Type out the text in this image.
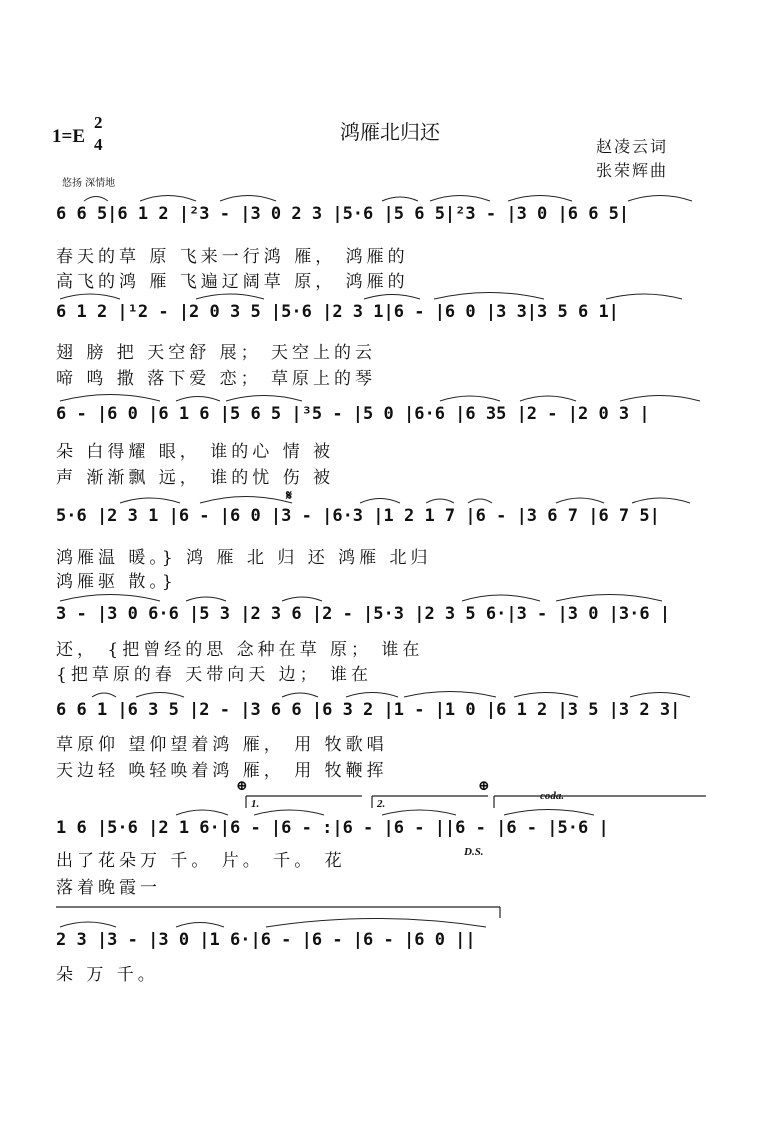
1=E
2
4
鸿雁北归还
赵凌云词
张荣辉曲
悠扬 深情地
6 6 5|6 1 2 |²3 - |3 0 2 3 |5·6 |5 6 5|²3 - |3 0 |6 6 5|
春天的草 原 飞来一行鸿 雁， 鸿雁的
高飞的鸿 雁 飞遍辽阔草 原， 鸿雁的
6 1 2 |¹2 - |2 0 3 5 |5·6 |2 3 1|6 - |6 0 |3 3|3 5 6 1|
翅 膀 把 天空舒 展； 天空上的云
啼 鸣 撒 落下爱 恋； 草原上的琴
6 - |6 0 |6 1 6 |5 6 5 |³5 - |5 0 |6·6 |6 35 |2 - |2 0 3 |
朵 白得耀 眼， 谁的心 情 被
声 渐渐飘 远， 谁的忧 伤 被
𝄋
5·6 |2 3 1 |6 - |6 0 |3 - |6·3 |1 2 1 7 |6 - |3 6 7 |6 7 5|
鸿雁温 暖。} 鸿 雁 北 归 还 鸿雁 北归
鸿雁驱 散。}
3 - |3 0 6·6 |5 3 |2 3 6 |2 - |5·3 |2 3 5 6·|3 - |3 0 |3·6 |
还， {把曾经的思 念种在草 原； 谁在
{把草原的春 天带向天 边； 谁在
6 6 1 |6 3 5 |2 - |3 6 6 |6 3 2 |1 - |1 0 |6 1 2 |3 5 |3 2 3|
草原仰 望仰望着鸿 雁， 用 牧歌唱
天边轻 唤轻唤着鸿 雁， 用 牧鞭挥
⊕	⊕
coda.
1.	2.
1 6 |5·6 |2 1 6·|6 - |6 - :|6 - |6 - ||6 - |6 - |5·6 |
出了花朵万 千。 片。 千。 花	D.S.
落着晚霞一
2 3 |3 - |3 0 |1 6·|6 - |6 - |6 - |6 0 ||
朵 万 千。
